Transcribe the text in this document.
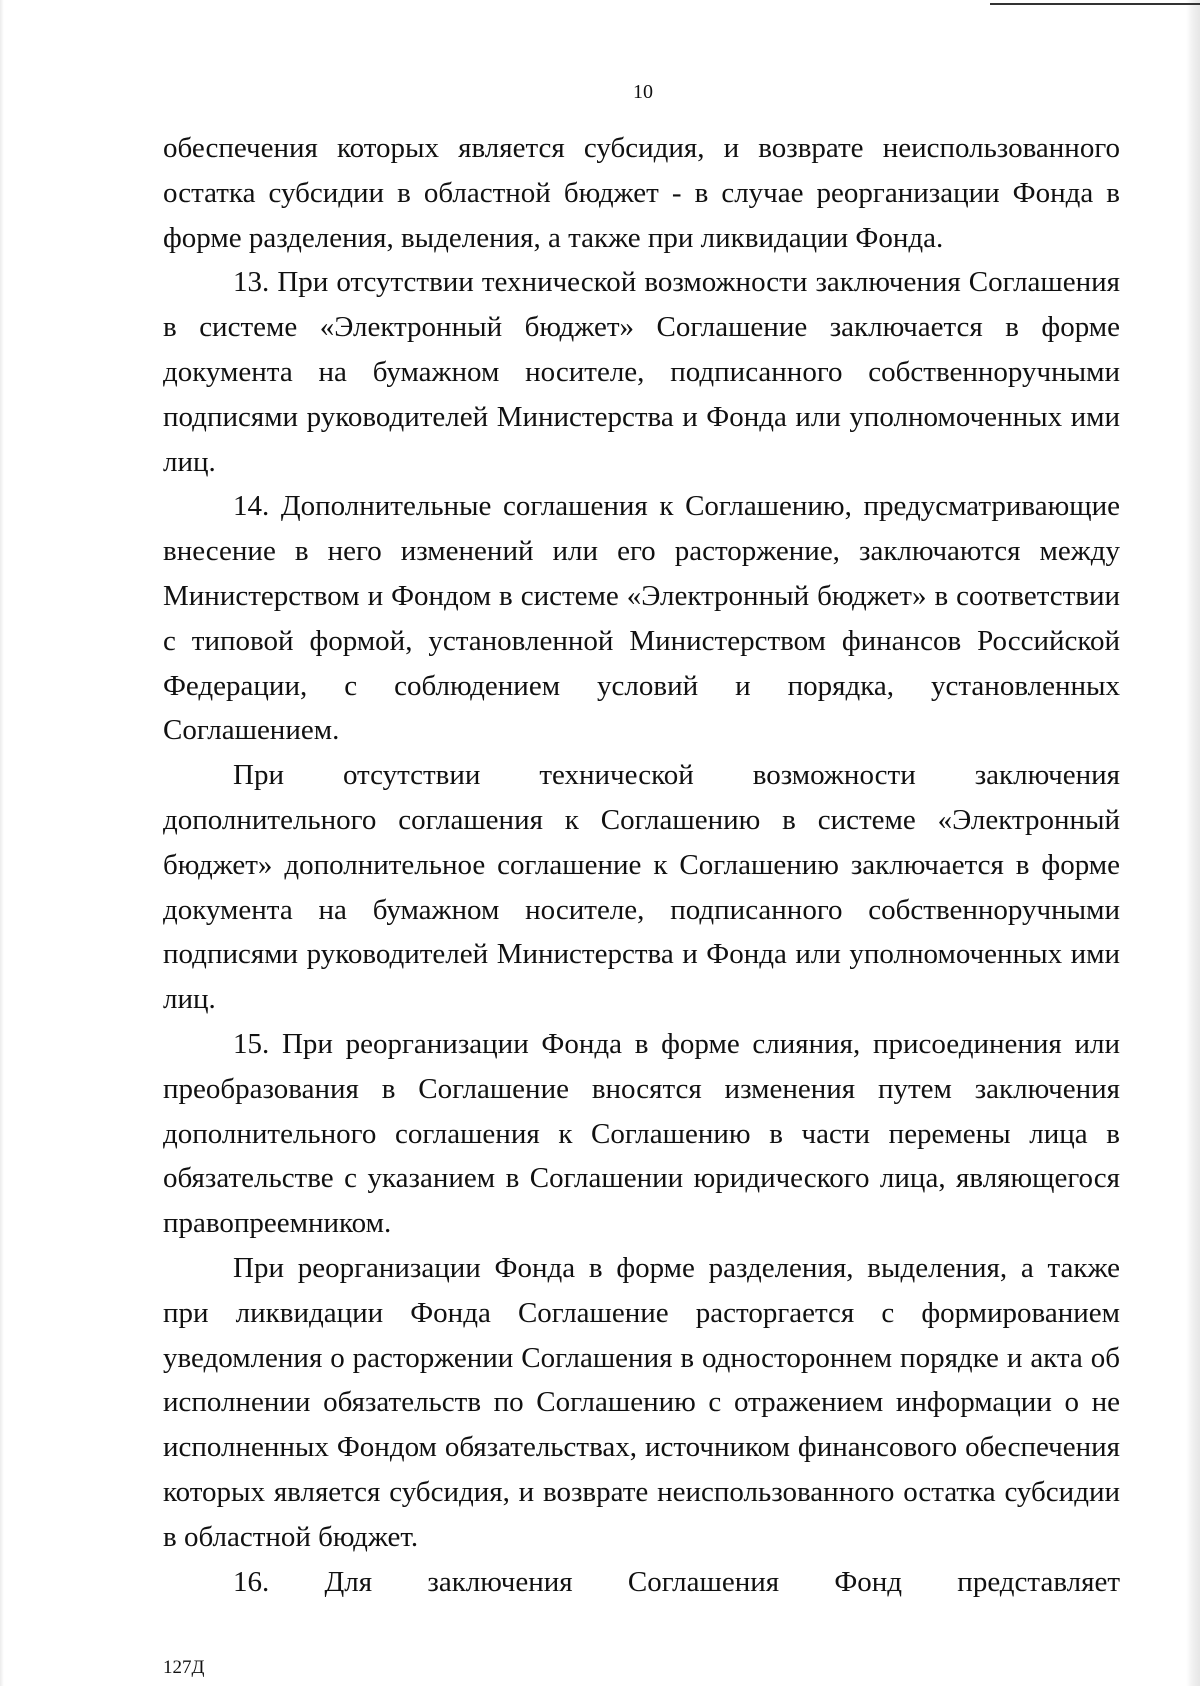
10

обеспечения которых является субсидия, и возврате неиспользованного остатка субсидии в областной бюджет - в случае реорганизации Фонда в форме разделения, выделения, а также при ликвидации Фонда.

13. При отсутствии технической возможности заключения Соглашения в системе «Электронный бюджет» Соглашение заключается в форме документа на бумажном носителе, подписанного собственноручными подписями руководителей Министерства и Фонда или уполномоченных ими лиц.

14. Дополнительные соглашения к Соглашению, предусматривающие внесение в него изменений или его расторжение, заключаются между Министерством и Фондом в системе «Электронный бюджет» в соответствии с типовой формой, установленной Министерством финансов Российской Федерации, с соблюдением условий и порядка, установленных Соглашением.

При отсутствии технической возможности заключения дополнительного соглашения к Соглашению в системе «Электронный бюджет» дополнительное соглашение к Соглашению заключается в форме документа на бумажном носителе, подписанного собственноручными подписями руководителей Министерства и Фонда или уполномоченных ими лиц.

15. При реорганизации Фонда в форме слияния, присоединения или преобразования в Соглашение вносятся изменения путем заключения дополнительного соглашения к Соглашению в части перемены лица в обязательстве с указанием в Соглашении юридического лица, являющегося правопреемником.

При реорганизации Фонда в форме разделения, выделения, а также при ликвидации Фонда Соглашение расторгается с формированием уведомления о расторжении Соглашения в одностороннем порядке и акта об исполнении обязательств по Соглашению с отражением информации о не исполненных Фондом обязательствах, источником финансового обеспечения которых является субсидия, и возврате неиспользованного остатка субсидии в областной бюджет.

16. Для заключения Соглашения Фонд представляет

127Д
